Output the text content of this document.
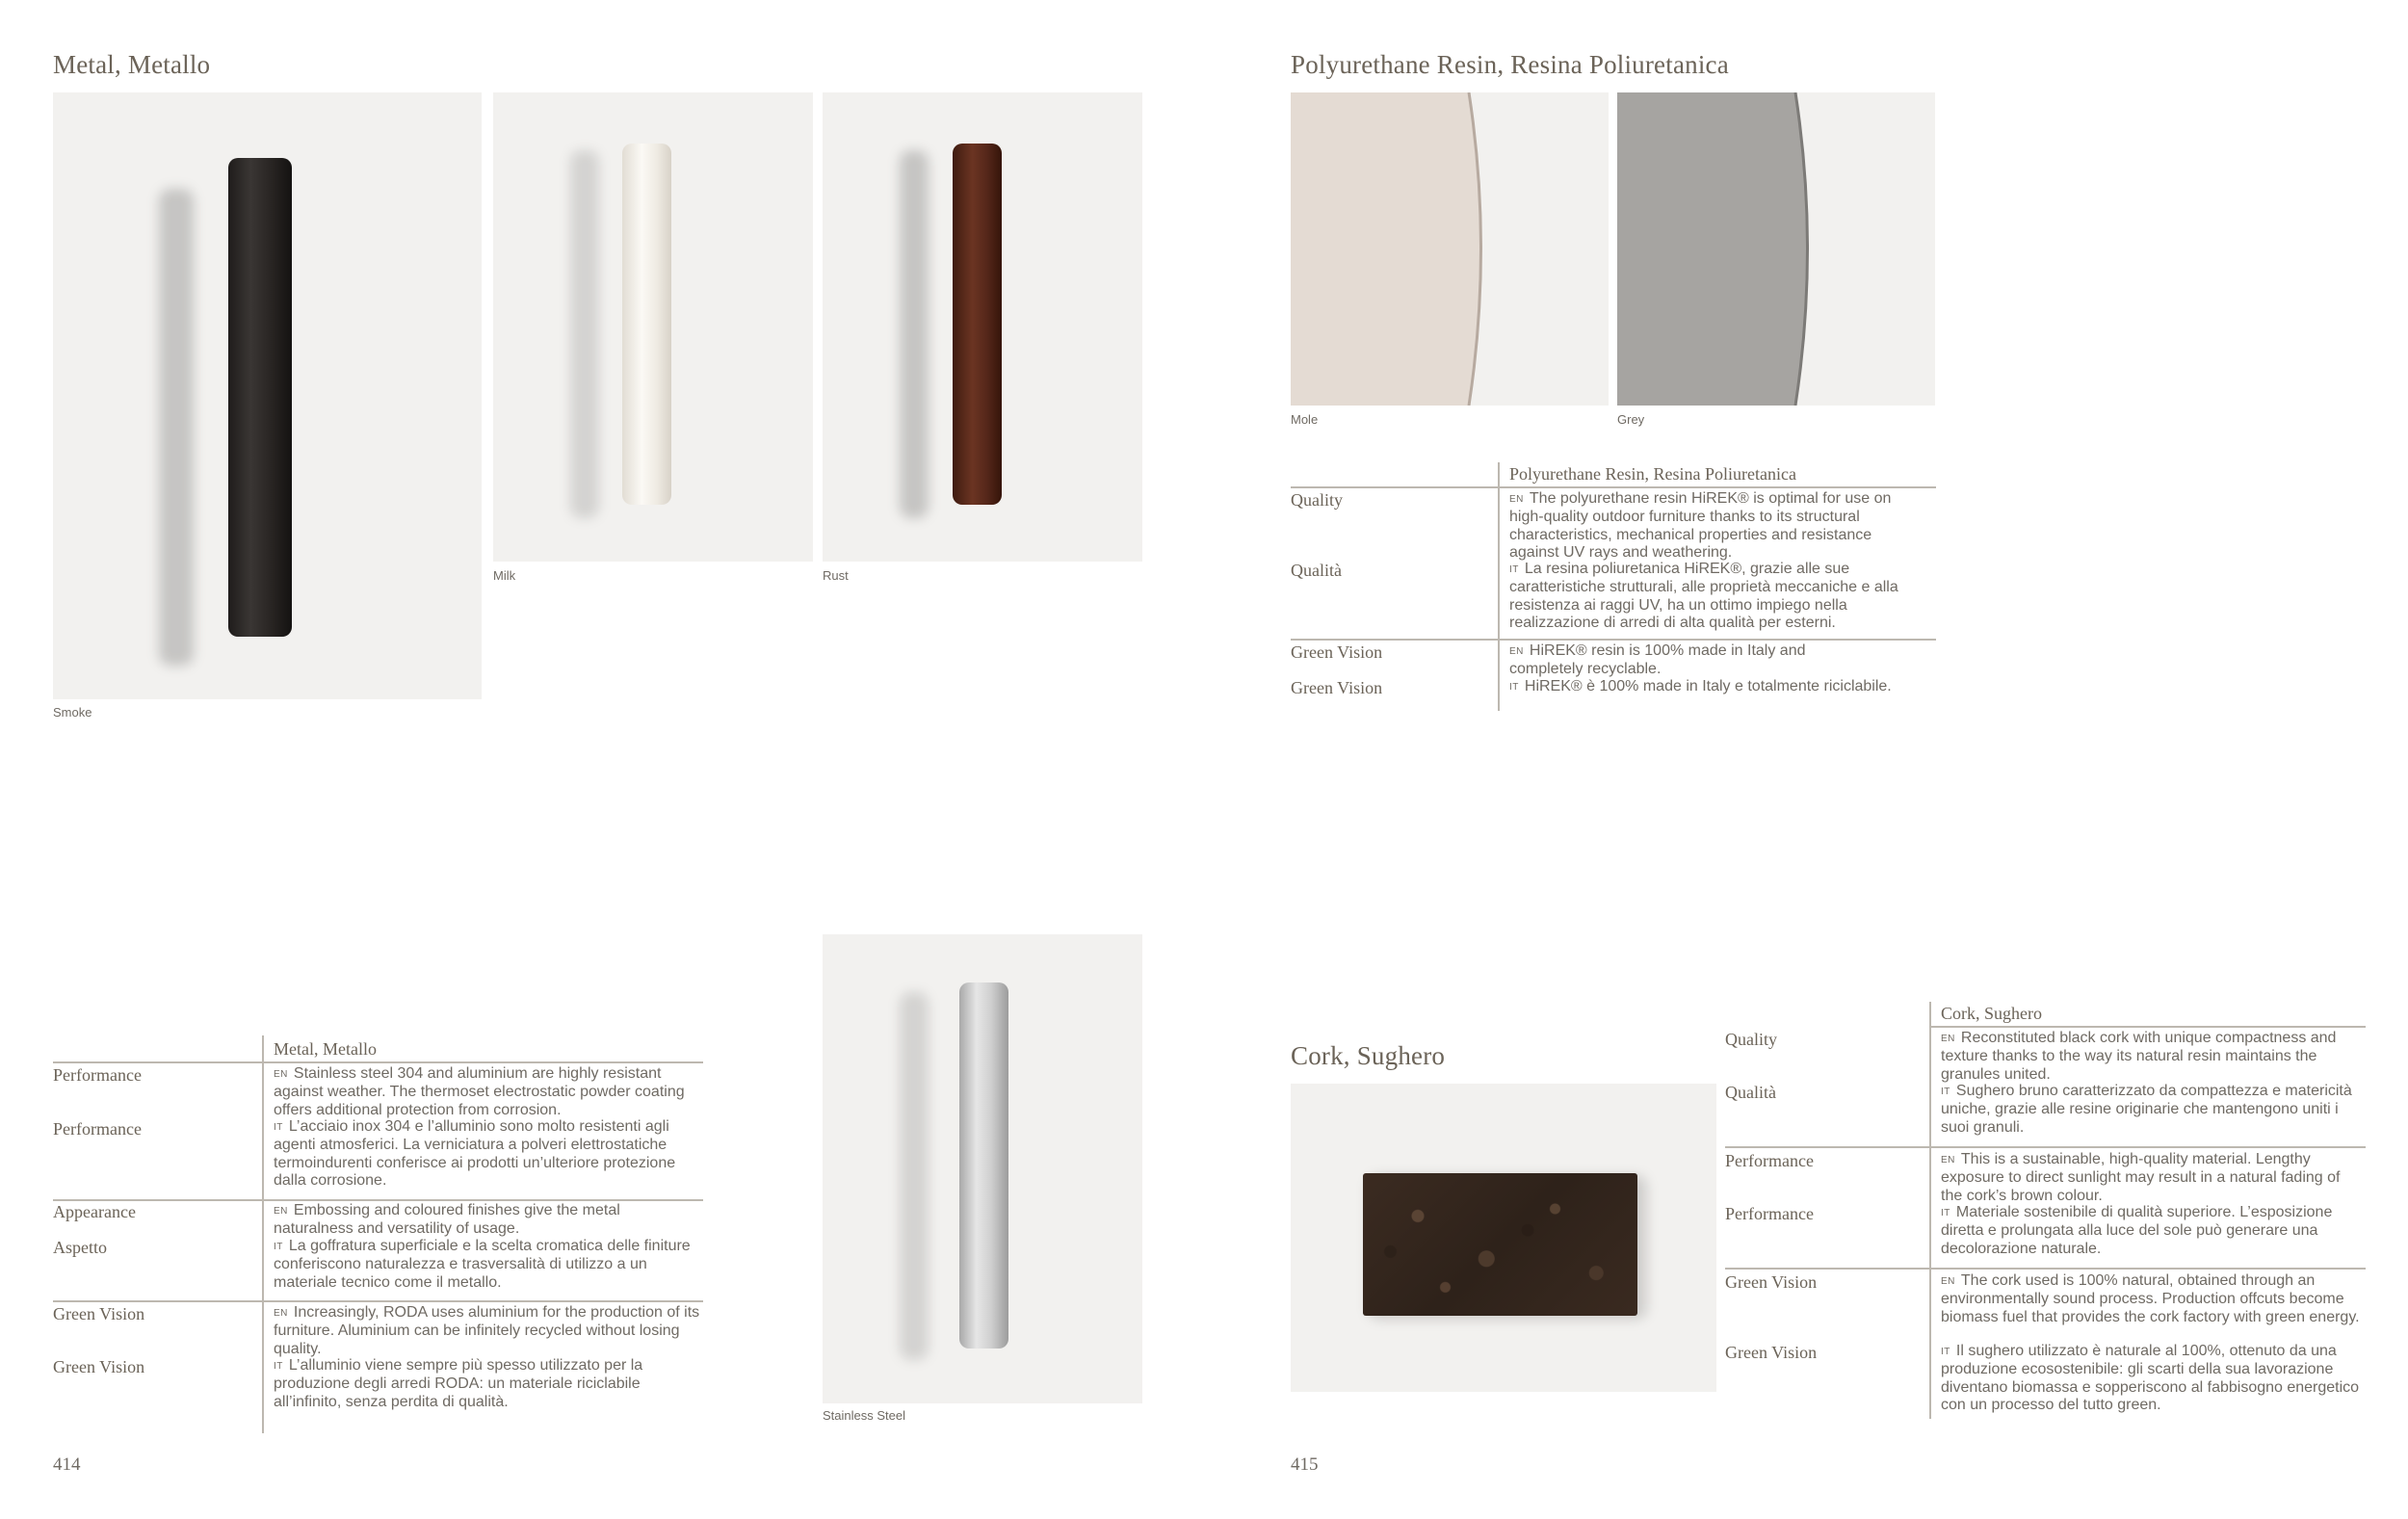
Metal, Metallo
Smoke
Milk	Rust
Stainless Steel
Metal, Metallo
Performance
Performance
EN Stainless steel 304 and aluminium are highly resistant against weather. The thermoset electrostatic powder coating offers additional protection from corrosion.
IT L’acciaio inox 304 e l’alluminio sono molto resistenti agli agenti atmosferici. La verniciatura a polveri elettrostatiche termoindurenti conferisce ai prodotti un’ulteriore protezione dalla corrosione.
Appearance
Aspetto
EN Embossing and coloured finishes give the metal naturalness and versatility of usage.
IT La goffratura superficiale e la scelta cromatica delle finiture conferiscono naturalezza e trasversalità di utilizzo a un materiale tecnico come il metallo.
Green Vision
Green Vision
EN Increasingly, RODA uses aluminium for the production of its furniture. Aluminium can be infinitely recycled without losing quality.
IT L’alluminio viene sempre più spesso utilizzato per la produzione degli arredi RODA: un materiale riciclabile all’infinito, senza perdita di qualità.
414
Polyurethane Resin, Resina Poliuretanica
Mole	Grey
Polyurethane Resin, Resina Poliuretanica
Quality
Qualità
EN The polyurethane resin HiREK® is optimal for use on high-quality outdoor furniture thanks to its structural characteristics, mechanical properties and resistance against UV rays and weathering.
IT La resina poliuretanica HiREK®, grazie alle sue caratteristiche strutturali, alle proprietà meccaniche e alla resistenza ai raggi UV, ha un ottimo impiego nella realizzazione di arredi di alta qualità per esterni.
Green Vision
Green Vision
EN HiREK® resin is 100% made in Italy and completely recyclable.
IT HiREK® è 100% made in Italy e totalmente riciclabile.
Cork, Sughero
Cork, Sughero
Quality
Qualità
EN Reconstituted black cork with unique compactness and texture thanks to the way its natural resin maintains the granules united.
IT Sughero bruno caratterizzato da compattezza e matericità uniche, grazie alle resine originarie che mantengono uniti i suoi granuli.
Performance
Performance
EN This is a sustainable, high-quality material. Lengthy exposure to direct sunlight may result in a natural fading of the cork’s brown colour.
IT Materiale sostenibile di qualità superiore. L’esposizione diretta e prolungata alla luce del sole può generare una decolorazione naturale.
Green Vision
Green Vision
EN The cork used is 100% natural, obtained through an environmentally sound process. Production offcuts become biomass fuel that provides the cork factory with green energy.
IT Il sughero utilizzato è naturale al 100%, ottenuto da una produzione ecosostenibile: gli scarti della sua lavorazione diventano biomassa e sopperiscono al fabbisogno energetico con un processo del tutto green.
415
